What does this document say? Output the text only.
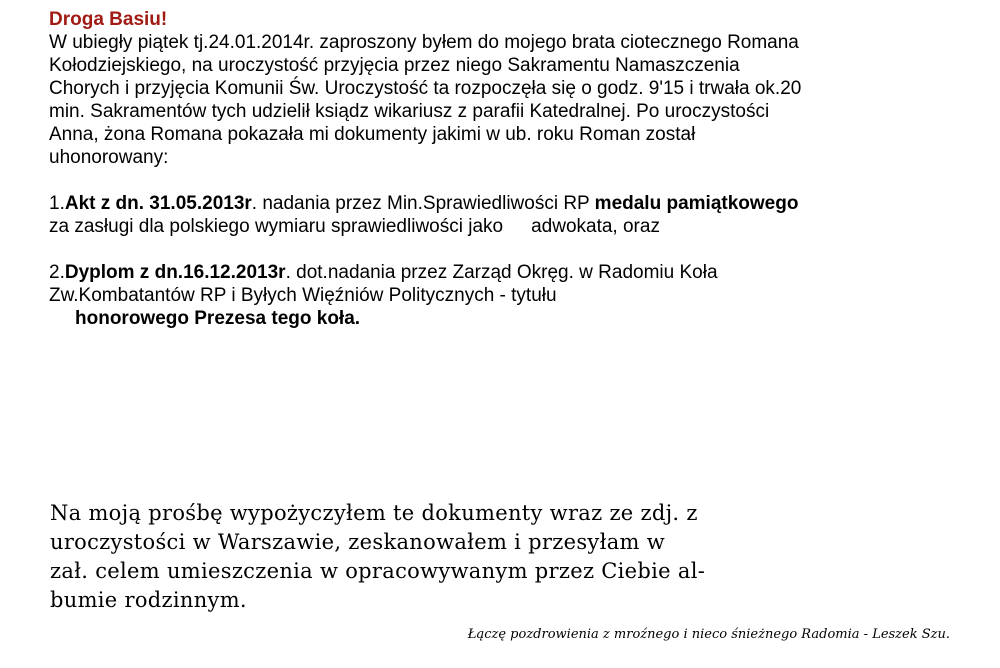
Droga Basiu!
W ubiegły piątek tj.24.01.2014r. zaproszony byłem do mojego brata ciotecznego Romana
Kołodziejskiego, na uroczystość przyjęcia przez niego Sakramentu Namaszczenia
Chorych i przyjęcia Komunii Św. Uroczystość ta rozpoczęła się o godz. 9'15 i trwała ok.20
min. Sakramentów tych udzielił ksiądz wikariusz z parafii Katedralnej. Po uroczystości
Anna, żona Romana pokazała mi dokumenty jakimi w ub. roku Roman został
uhonorowany:
1.Akt z dn. 31.05.2013r. nadania przez Min.Sprawiedliwości RP medalu pamiątkowego
za zasługi dla polskiego wymiaru sprawiedliwości jako adwokata, oraz
2.Dyplom z dn.16.12.2013r. dot.nadania przez Zarząd Okręg. w Radomiu Koła
Zw.Kombatantów RP i Byłych Więźniów Politycznych - tytułu
honorowego Prezesa tego koła.
Na moją prośbę wypożyczyłem te dokumenty wraz ze zdj. z
uroczystości w Warszawie, zeskanowałem i przesyłam w
zał. celem umieszczenia w opracowywanym przez Ciebie al-
bumie rodzinnym.
Łączę pozdrowienia z mroźnego i nieco śnieżnego Radomia - Leszek Szu.
